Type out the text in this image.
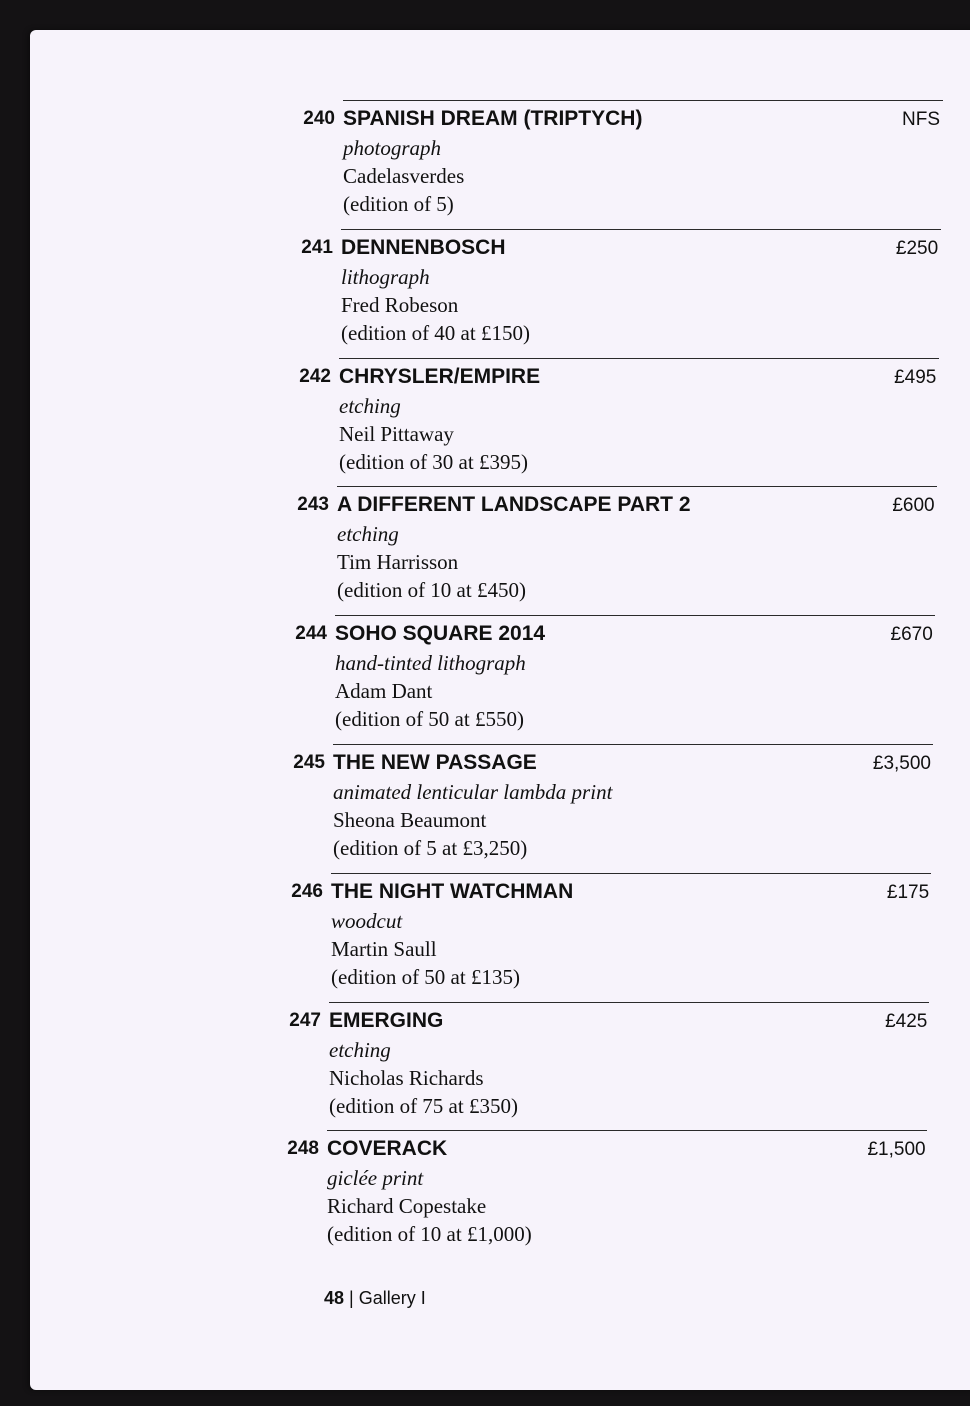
240 SPANISH DREAM (TRIPTYCH)	NFS
photograph
Cadelasverdes
(edition of 5)
241 DENNENBOSCH	£250
lithograph
Fred Robeson
(edition of 40 at £150)
242 CHRYSLER/EMPIRE	£495
etching
Neil Pittaway
(edition of 30 at £395)
243 A DIFFERENT LANDSCAPE PART 2	£600
etching
Tim Harrisson
(edition of 10 at £450)
244 SOHO SQUARE 2014	£670
hand-tinted lithograph
Adam Dant
(edition of 50 at £550)
245 THE NEW PASSAGE	£3,500
animated lenticular lambda print
Sheona Beaumont
(edition of 5 at £3,250)
246 THE NIGHT WATCHMAN	£175
woodcut
Martin Saull
(edition of 50 at £135)
247 EMERGING	£425
etching
Nicholas Richards
(edition of 75 at £350)
248 COVERACK	£1,500
giclée print
Richard Copestake
(edition of 10 at £1,000)
48 | Gallery I
